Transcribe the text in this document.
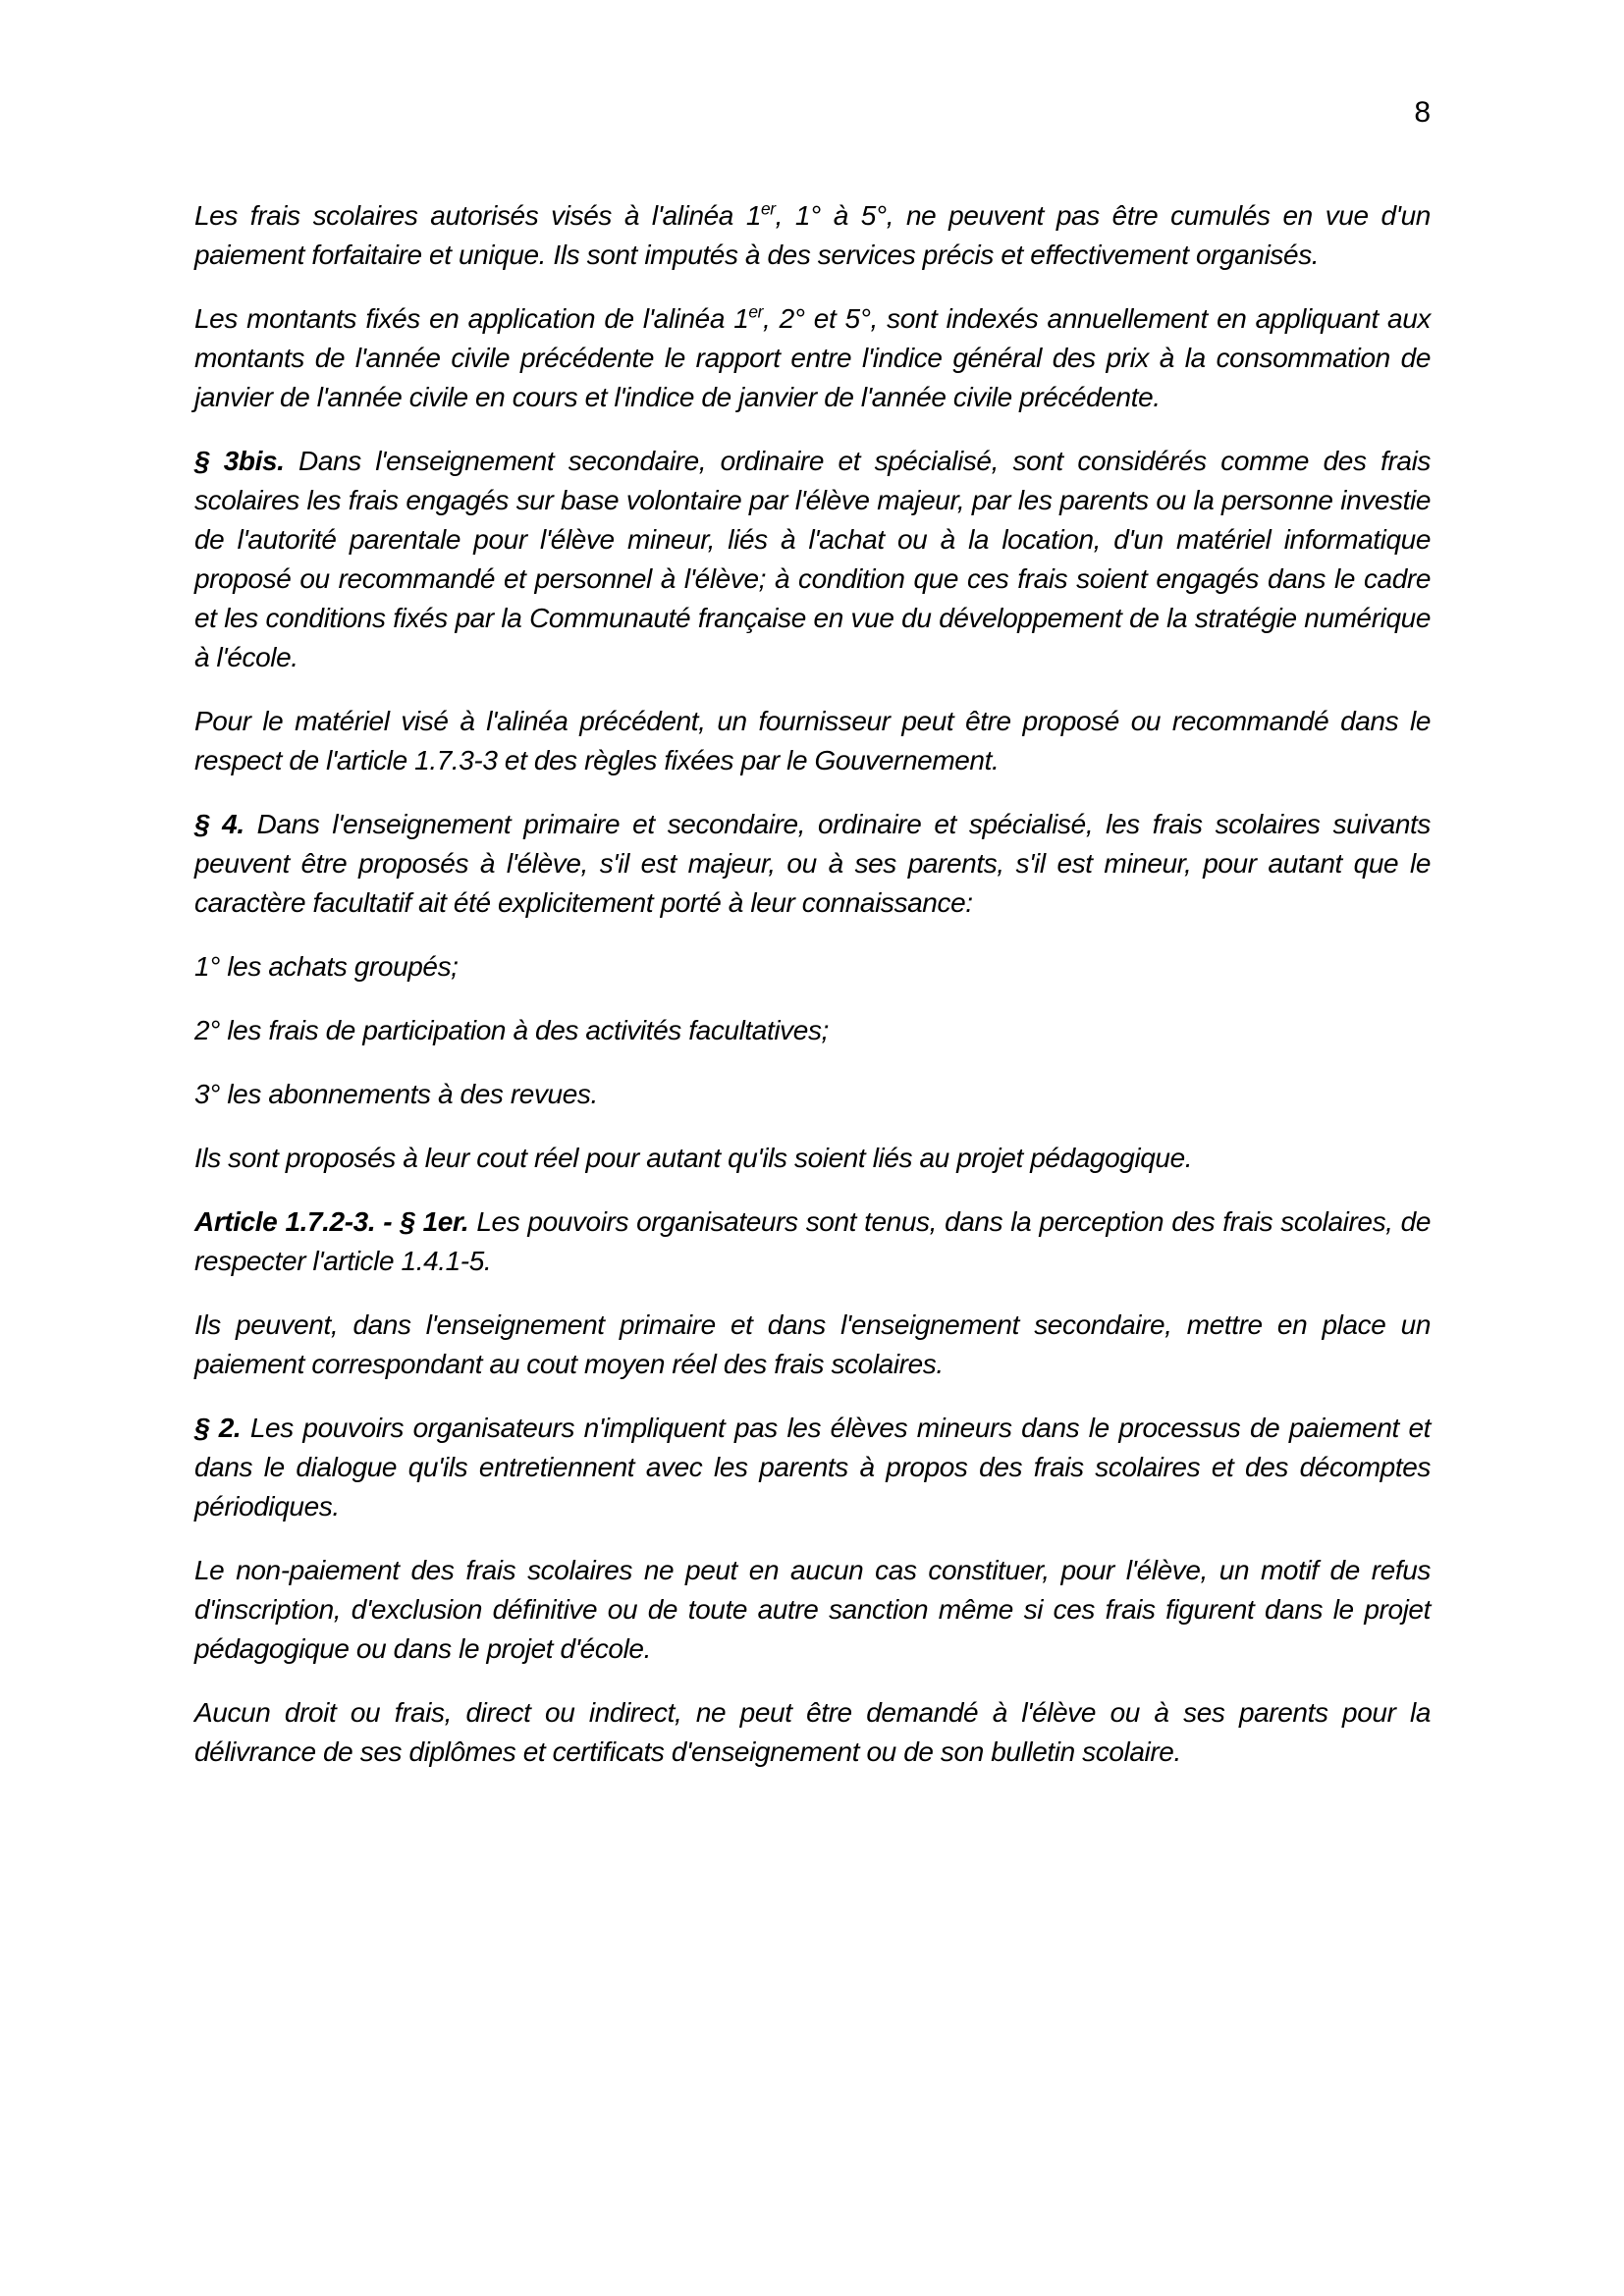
8

Les frais scolaires autorisés visés à l'alinéa 1er, 1° à 5°, ne peuvent pas être cumulés en vue d'un paiement forfaitaire et unique. Ils sont imputés à des services précis et effectivement organisés.

Les montants fixés en application de l'alinéa 1er, 2° et 5°, sont indexés annuellement en appliquant aux montants de l'année civile précédente le rapport entre l'indice général des prix à la consommation de janvier de l'année civile en cours et l'indice de janvier de l'année civile précédente.

§ 3bis. Dans l'enseignement secondaire, ordinaire et spécialisé, sont considérés comme des frais scolaires les frais engagés sur base volontaire par l'élève majeur, par les parents ou la personne investie de l'autorité parentale pour l'élève mineur, liés à l'achat ou à la location, d'un matériel informatique proposé ou recommandé et personnel à l'élève; à condition que ces frais soient engagés dans le cadre et les conditions fixés par la Communauté française en vue du développement de la stratégie numérique à l'école.

Pour le matériel visé à l'alinéa précédent, un fournisseur peut être proposé ou recommandé dans le respect de l'article 1.7.3-3 et des règles fixées par le Gouvernement.

§ 4. Dans l'enseignement primaire et secondaire, ordinaire et spécialisé, les frais scolaires suivants peuvent être proposés à l'élève, s'il est majeur, ou à ses parents, s'il est mineur, pour autant que le caractère facultatif ait été explicitement porté à leur connaissance:

1° les achats groupés;

2° les frais de participation à des activités facultatives;

3° les abonnements à des revues.

Ils sont proposés à leur cout réel pour autant qu'ils soient liés au projet pédagogique.

Article 1.7.2-3. - § 1er. Les pouvoirs organisateurs sont tenus, dans la perception des frais scolaires, de respecter l'article 1.4.1-5.

Ils peuvent, dans l'enseignement primaire et dans l'enseignement secondaire, mettre en place un paiement correspondant au cout moyen réel des frais scolaires.

§ 2. Les pouvoirs organisateurs n'impliquent pas les élèves mineurs dans le processus de paiement et dans le dialogue qu'ils entretiennent avec les parents à propos des frais scolaires et des décomptes périodiques.

Le non-paiement des frais scolaires ne peut en aucun cas constituer, pour l'élève, un motif de refus d'inscription, d'exclusion définitive ou de toute autre sanction même si ces frais figurent dans le projet pédagogique ou dans le projet d'école.

Aucun droit ou frais, direct ou indirect, ne peut être demandé à l'élève ou à ses parents pour la délivrance de ses diplômes et certificats d'enseignement ou de son bulletin scolaire.
